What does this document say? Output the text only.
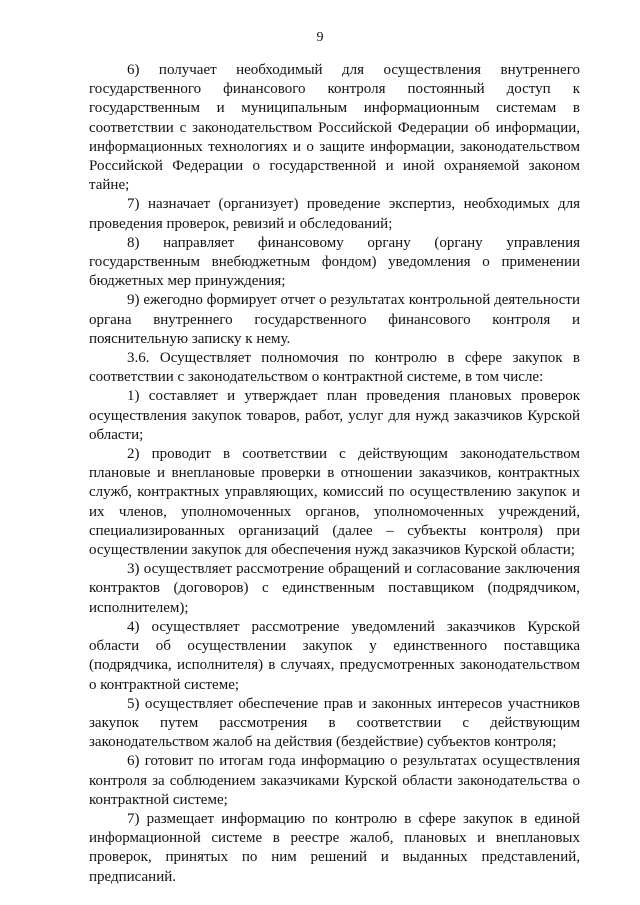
9

6) получает необходимый для осуществления внутреннего государственного финансового контроля постоянный доступ к государственным и муниципальным информационным системам в соответствии с законодательством Российской Федерации об информации, информационных технологиях и о защите информации, законодательством Российской Федерации о государственной и иной охраняемой законом тайне;

7) назначает (организует) проведение экспертиз, необходимых для проведения проверок, ревизий и обследований;

8) направляет финансовому органу (органу управления государственным внебюджетным фондом) уведомления о применении бюджетных мер принуждения;

9) ежегодно формирует отчет о результатах контрольной деятельности органа внутреннего государственного финансового контроля и пояснительную записку к нему.

3.6. Осуществляет полномочия по контролю в сфере закупок в соответствии с законодательством о контрактной системе, в том числе:

1) составляет и утверждает план проведения плановых проверок осуществления закупок товаров, работ, услуг для нужд заказчиков Курской области;

2) проводит в соответствии с действующим законодательством плановые и внеплановые проверки в отношении заказчиков, контрактных служб, контрактных управляющих, комиссий по осуществлению закупок и их членов, уполномоченных органов, уполномоченных учреждений, специализированных организаций (далее – субъекты контроля) при осуществлении закупок для обеспечения нужд заказчиков Курской области;

3) осуществляет рассмотрение обращений и согласование заключения контрактов (договоров) с единственным поставщиком (подрядчиком, исполнителем);

4) осуществляет рассмотрение уведомлений заказчиков Курской области об осуществлении закупок у единственного поставщика (подрядчика, исполнителя) в случаях, предусмотренных законодательством о контрактной системе;

5) осуществляет обеспечение прав и законных интересов участников закупок путем рассмотрения в соответствии с действующим законодательством жалоб на действия (бездействие) субъектов контроля;

6) готовит по итогам года информацию о результатах осуществления контроля за соблюдением заказчиками Курской области законодательства о контрактной системе;

7) размещает информацию по контролю в сфере закупок в единой информационной системе в реестре жалоб, плановых и внеплановых проверок, принятых по ним решений и выданных представлений, предписаний.
